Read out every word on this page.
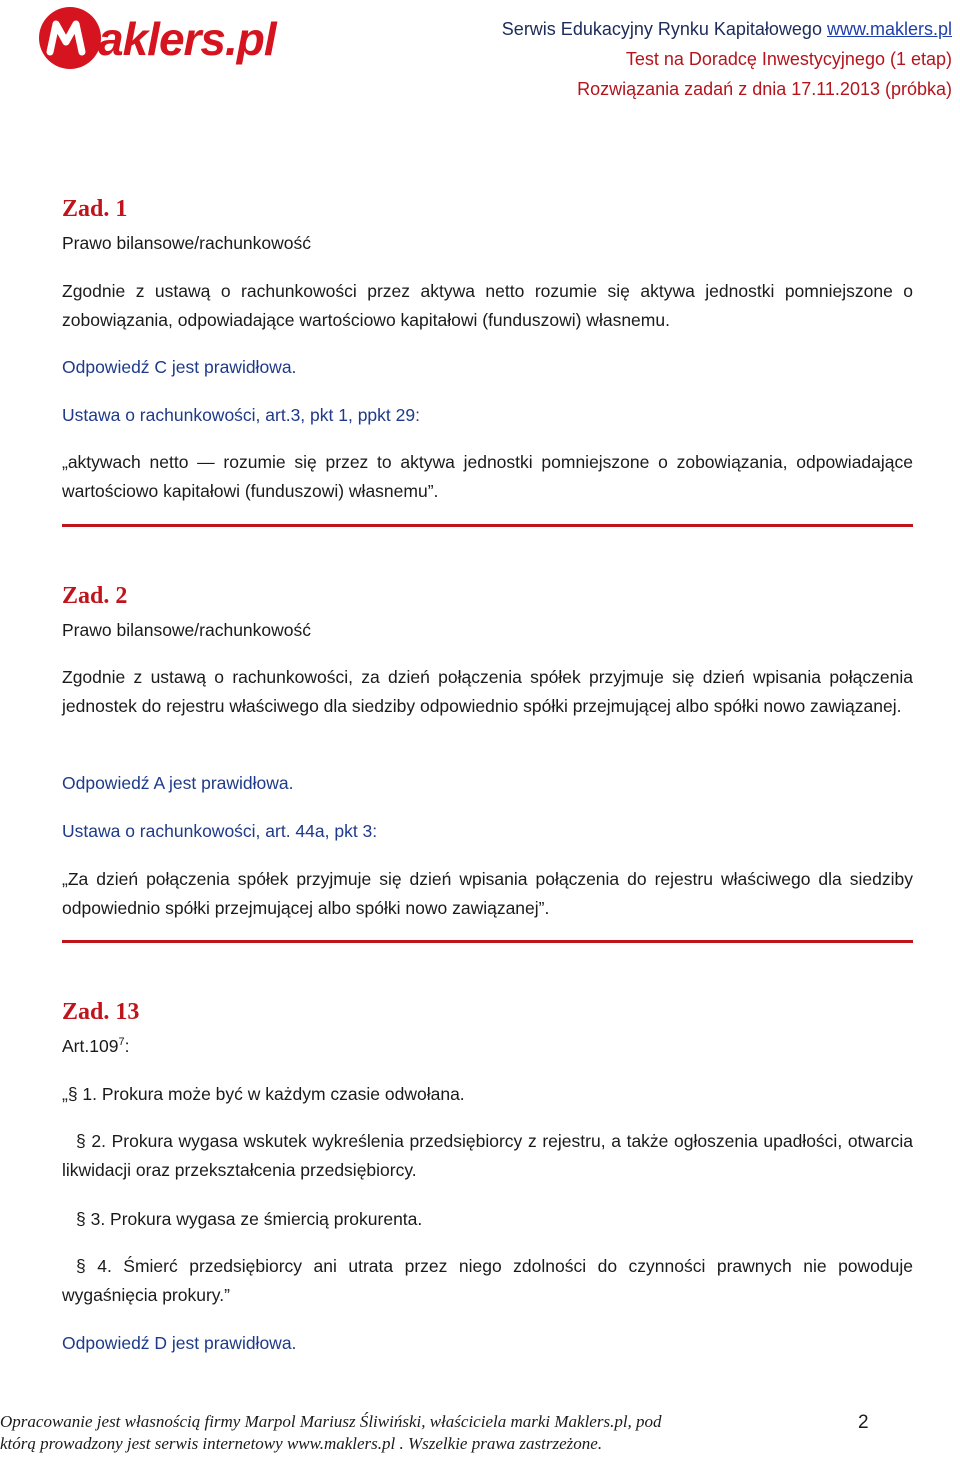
aklers.pl	Serwis Edukacyjny Rynku Kapitałowego www.maklers.pl
Test na Doradcę Inwestycyjnego (1 etap)
Rozwiązania zadań z dnia 17.11.2013 (próbka)
Zad. 1
Prawo bilansowe/rachunkowość
Zgodnie z ustawą o rachunkowości przez aktywa netto rozumie się aktywa jednostki pomniejszone o zobowiązania, odpowiadające wartościowo kapitałowi (funduszowi) własnemu.
Odpowiedź C jest prawidłowa.
Ustawa o rachunkowości, art.3, pkt 1, ppkt 29:
„aktywach netto — rozumie się przez to aktywa jednostki pomniejszone o zobowiązania, odpowiadające wartościowo kapitałowi (funduszowi) własnemu”.
Zad. 2
Prawo bilansowe/rachunkowość
Zgodnie z ustawą o rachunkowości, za dzień połączenia spółek przyjmuje się dzień wpisania połączenia jednostek do rejestru właściwego dla siedziby odpowiednio spółki przejmującej albo spółki nowo zawiązanej.
Odpowiedź A jest prawidłowa.
Ustawa o rachunkowości, art. 44a, pkt 3:
„Za dzień połączenia spółek przyjmuje się dzień wpisania połączenia do rejestru właściwego dla siedziby odpowiednio spółki przejmującej albo spółki nowo zawiązanej”.
Zad. 13
Art.109$^7$:
„§ 1. Prokura może być w każdym czasie odwołana.
§ 2. Prokura wygasa wskutek wykreślenia przedsiębiorcy z rejestru, a także ogłoszenia upadłości, otwarcia likwidacji oraz przekształcenia przedsiębiorcy.
§ 3. Prokura wygasa ze śmiercią prokurenta.
§ 4. Śmierć przedsiębiorcy ani utrata przez niego zdolności do czynności prawnych nie powoduje wygaśnięcia prokury.”
Odpowiedź D jest prawidłowa.
Opracowanie jest własnością firmy Marpol Mariusz Śliwiński, właściciela marki Maklers.pl, pod
którą prowadzony jest serwis internetowy www.maklers.pl . Wszelkie prawa zastrzeżone.
2
